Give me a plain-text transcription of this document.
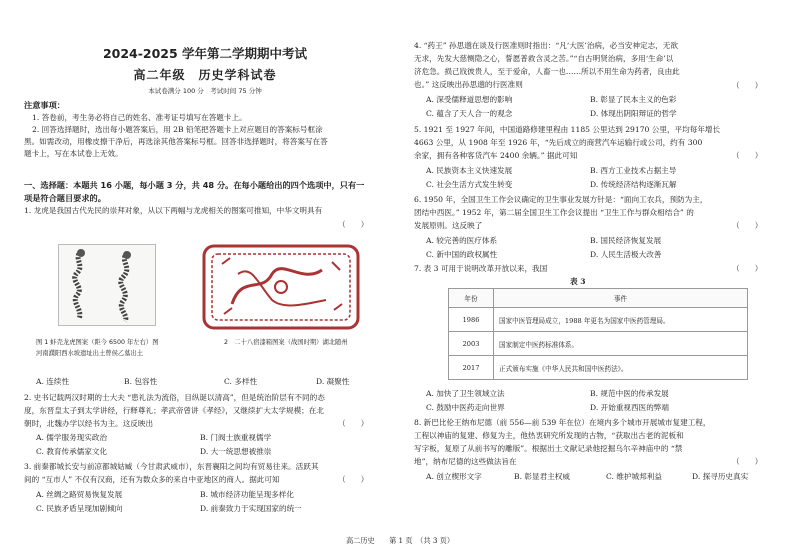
2024-2025 学年第二学期期中考试
高二年级　历史学科试卷
本试卷满分 100 分　考试时间 75 分钟
注意事项：
1. 答卷前，考生务必将自己的姓名、准考证号填写在答题卡上。
2. 回答选择题时，选出每小题答案后，用 2B 铅笔把答题卡上对应题目的答案标号框涂
黑。如需改动，用橡皮擦干净后，再选涂其他答案标号框。回答非选择题时，将答案写在答
题卡上，写在本试卷上无效。
一、选择题：本题共 16 小题，每小题 3 分，共 48 分。在每小题给出的四个选项中，只有一
项是符合题目要求的。
1. 龙虎是我国古代先民的崇拜对象，从以下两幅与龙虎相关的图案可推知，中华文明具有
（　　）
图 1 蚌壳龙虎图案（距今 6500 年左右）图
河南濮阳西水坡遗址出土曾侯乙墓出土
2　二十八宿漆箱图案（战国时期）湖北随州
A. 连续性	B. 包容性	C. 多样性	D. 凝聚性
2. 史书记载两汉时期的士大夫 “患礼法为流俗，目纵诞以清高”，但是统治阶层有不同的态
度，东晋皇太子到太学讲经，行释尊礼；孝武帝曾讲《孝经》，又继续扩大太学规模；在北
朝时，北魏办学以经书为主。这反映出	（　　）
A. 儒学服务现实政治	B. 门阀士族重视儒学
C. 教育传承儒家文化	D. 大一统思想被推崇
3. 前秦都城长安与前凉都城姑臧（今甘肃武威市），东晋襄阳之间均有贸易往来。活跃其
间的 “互市人” 不仅有汉商，还有为数众多的来自中亚地区的商人。据此可知	（　　）
A. 丝绸之路贸易恢复发展	B. 城市经济功能呈现多样化
C. 民族矛盾呈现加剧倾向	D. 前秦致力于实现国家的统一
4. “药王” 孙思邈在谈及行医准则时指出：“凡‘大医’治病，必当安神定志，无欲
无求，先发大慈恻隐之心，誓愿普救含灵之苦。”“自古明贤治病，多用‘生命’以
济危急。损己戕彼贵人，至于爱命，人畜一也……所以不用生命为药者，良由此
也。” 这反映出孙思邈的行医准则	（　　）
A. 深受儒释道思想的影响	B. 彰显了民本主义的色彩
C. 蕴含了天人合一的观念	D. 体现出阴阳辩证的哲学
5. 1921 至 1927 年间，中国道路修建里程由 1185 公里达到 29170 公里，平均每年增长
4663 公里，从 1908 年至 1926 年，“先后成立的商营汽车运输行或公司，约有 300
余家，拥有各种客货汽车 2400 余辆。” 据此可知	（　　）
A. 民族资本主义快速发展	B. 西方工业技术占据主导
C. 社会生活方式发生转变	D. 传统经济结构逐渐瓦解
6. 1950 年，全国卫生工作会议确定的卫生事业发展方针是：“面向工农兵，预防为主，
团结中西医。” 1952 年，第二届全国卫生工作会议提出 “卫生工作与群众相结合” 的
发展原则。这反映了	（　　）
A. 较完善的医疗体系	B. 国民经济恢复发展
C. 新中国的政权属性	D. 人民生活极大改善
7. 表 3 可用于说明改革开放以来，我国	（　　）
表 3
年份	事件
1986	国家中医管理局成立，1988 年更名为国家中医药管理局。
2003	国家制定中医药标准体系。
2017	正式颁布实施《中华人民共和国中医药法》。
A. 加快了卫生领域立法	B. 规范中医的传承发展
C. 鼓励中医药走向世界	D. 开始重视西医的弊端
8. 新巴比伦王纳布尼德（前 556—前 539 年在位）在境内多个城市开展城市复建工程，
工程以神庙的复建、修复为主，他热衷研究所发现的古物，“获取出古老的泥板和
写字板，复原了从前书写的雕版”。根据出土文献记录他挖掘乌尔辛神庙中的 “禁
地”，纳布尼德的这些做法旨在	（　　）
A. 创立楔形文字	B. 彰显君主权威	C. 维护城邦利益	D. 探寻历史真实
高二历史　　第 1 页　（共 3 页）
